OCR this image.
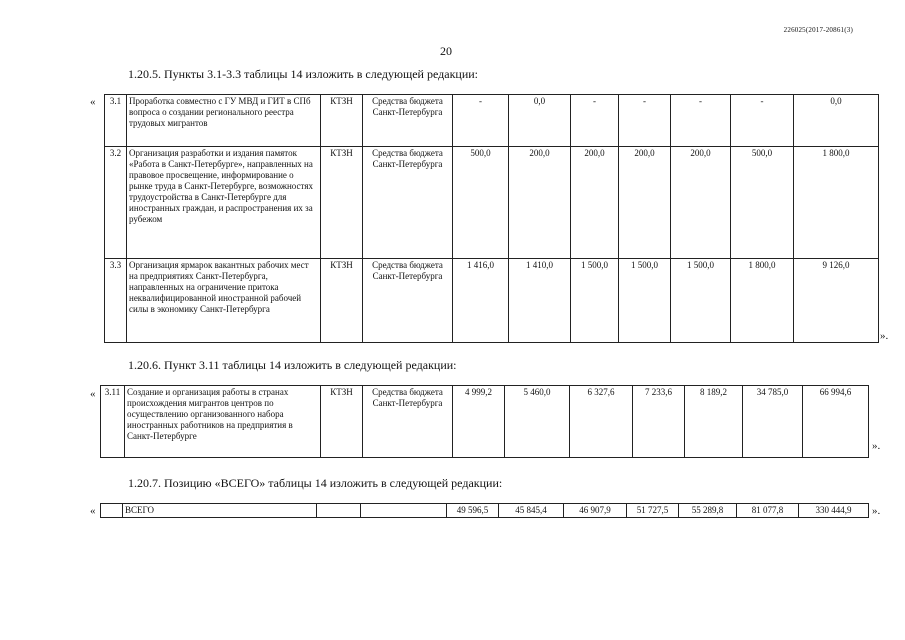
226025(2017-20861(3)
20
1.20.5. Пункты 3.1-3.3 таблицы 14 изложить в следующей редакции:
« 3.1	Проработка совместно с ГУ МВД и ГИТ в СПб вопроса о создании регионального реестра трудовых мигрантов	КТЗН	Средства бюджета Санкт-Петербурга	-	0,0	-	-	-	-	0,0
3.2	Организация разработки и издания памяток «Работа в Санкт-Петербурге», направленных на правовое просвещение, информирование о рынке труда в Санкт-Петербурге, возможностях трудоустройства в Санкт-Петербурге для иностранных граждан, и распространения их за рубежом	КТЗН	Средства бюджета Санкт-Петербурга	500,0	200,0	200,0	200,0	200,0	500,0	1 800,0
3.3	Организация ярмарок вакантных рабочих мест на предприятиях Санкт-Петербурга, направленных на ограничение притока неквалифицированной иностранной рабочей силы в экономику Санкт-Петербурга	КТЗН	Средства бюджета Санкт-Петербурга	1 416,0	1 410,0	1 500,0	1 500,0	1 500,0	1 800,0	9 126,0
».
1.20.6. Пункт 3.11 таблицы 14 изложить в следующей редакции:
« 3.11	Создание и организация работы в странах происхождения мигрантов центров по осуществлению организованного набора иностранных работников на предприятия в Санкт-Петербурге	КТЗН	Средства бюджета Санкт-Петербурга	4 999,2	5 460,0	6 327,6	7 233,6	8 189,2	34 785,0	66 994,6
».
1.20.7. Позицию «ВСЕГО» таблицы 14 изложить в следующей редакции:
«
		ВСЕГО			49 596,5	45 845,4	46 907,9	51 727,5	55 289,8	81 077,8	330 444,9 ».
